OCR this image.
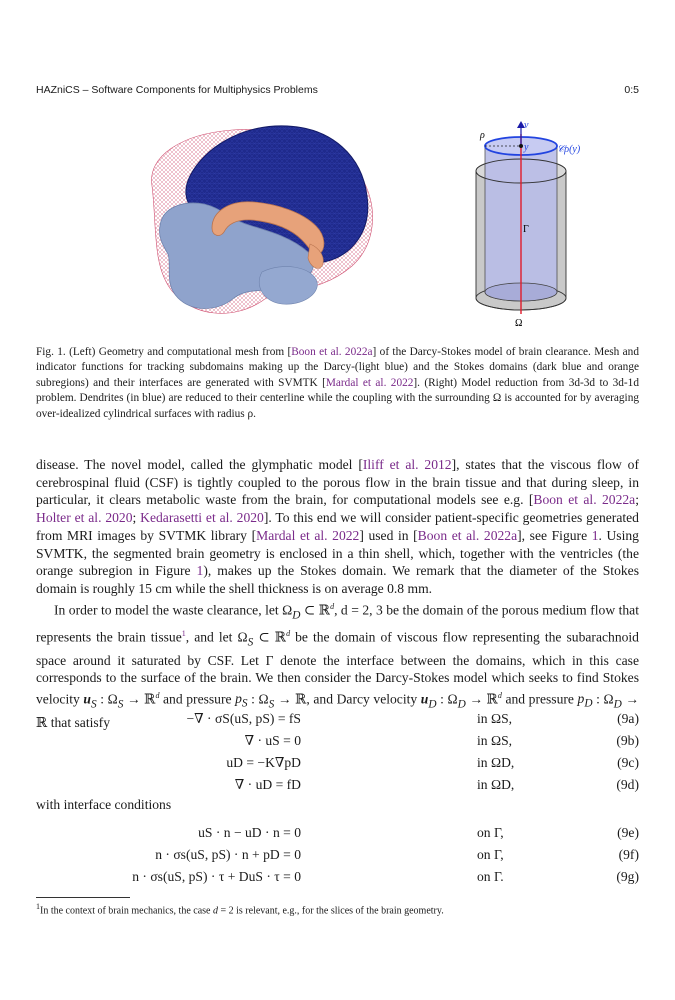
HAZniCS – Software Components for Multiphysics Problems	0:5
ρ
ν
y	𝒞ρ(y)
Γ
Ω
Fig. 1. (Left) Geometry and computational mesh from [Boon et al. 2022a] of the Darcy-Stokes model of brain clearance. Mesh and indicator functions for tracking subdomains making up the Darcy-(light blue) and the Stokes domains (dark blue and orange subregions) and their interfaces are generated with SVMTK [Mardal et al. 2022]. (Right) Model reduction from 3d-3d to 3d-1d problem. Dendrites (in blue) are reduced to their centerline while the coupling with the surrounding Ω is accounted for by averaging over-idealized cylindrical surfaces with radius ρ.

disease. The novel model, called the glymphatic model [Iliff et al. 2012], states that the viscous flow of cerebrospinal fluid (CSF) is tightly coupled to the porous flow in the brain tissue and that during sleep, in particular, it clears metabolic waste from the brain, for computational models see e.g. [Boon et al. 2022a; Holter et al. 2020; Kedarasetti et al. 2020]. To this end we will consider patient-specific geometries generated from MRI images by SVTMK library [Mardal et al. 2022] used in [Boon et al. 2022a], see Figure 1. Using SVMTK, the segmented brain geometry is enclosed in a thin shell, which, together with the ventricles (the orange subregion in Figure 1), makes up the Stokes domain. We remark that the diameter of the Stokes domain is roughly 15 cm while the shell thickness is on average 0.8 mm.

In order to model the waste clearance, let $\Omega_D$ ⊂ ℝ$^d$, d = 2, 3 be the domain of the porous medium flow that represents the brain tissue$^1$, and let $\Omega_S$ ⊂ ℝ$^d$ be the domain of viscous flow representing the subarachnoid space around it saturated by CSF. Let Γ denote the interface between the domains, which in this case corresponds to the surface of the brain. We then consider the Darcy-Stokes model which seeks to find Stokes velocity $u_S$ : $\Omega_S$ → ℝ$^d$ and pressure $p_S$ : $\Omega_S$ → ℝ, and Darcy velocity $u_D$ : $\Omega_D$ → ℝ$^d$ and pressure $p_D$ : $\Omega_D$ → ℝ that satisfy	−∇ · σS(uS, pS) = fS	in ΩS,	(9a)
∇ · uS = 0	in ΩS,	(9b)
uD = −K∇pD	in ΩD,	(9c)
∇ · uD = fD	in ΩD,	(9d)
with interface conditions
uS · n − uD · n = 0	on Γ,	(9e)
n · σs(uS, pS) · n + pD = 0	on Γ,	(9f)
n · σs(uS, pS) · τ + DuS · τ = 0	on Γ.	(9g)
$^1$In the context of brain mechanics, the case d = 2 is relevant, e.g., for the slices of the brain geometry.
